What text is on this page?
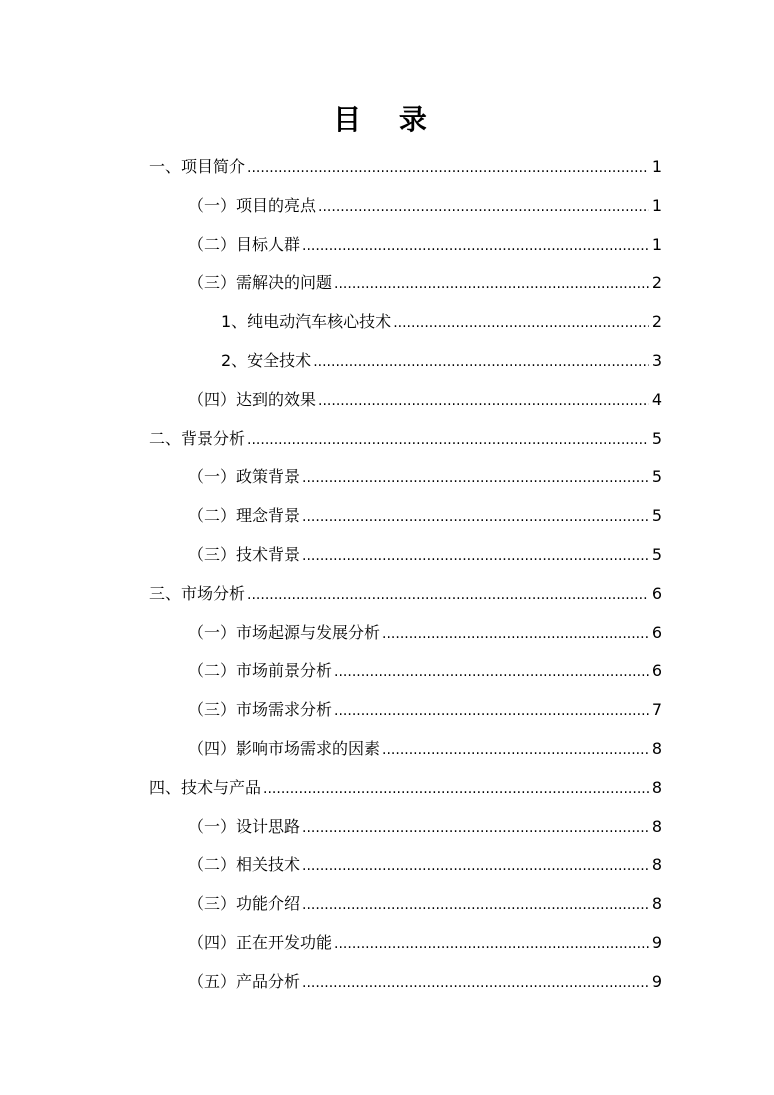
目 录
一、项目简介 .....	1
（一）项目的亮点 .....	1
（二）目标人群 .....	1
（三）需解决的问题 .....	2
1、纯电动汽车核心技术 .....	2
2、安全技术 .....	3
（四）达到的效果 .....	4
二、背景分析 .....	5
（一）政策背景 .....	5
（二）理念背景 .....	5
（三）技术背景 .....	5
三、市场分析 .....	6
（一）市场起源与发展分析 .....	6
（二）市场前景分析 .....	6
（三）市场需求分析 .....	7
（四）影响市场需求的因素 .....	8
四、技术与产品 .....	8
（一）设计思路 .....	8
（二）相关技术 .....	8
（三）功能介绍 .....	8
（四）正在开发功能 .....	9
（五）产品分析 .....	9
